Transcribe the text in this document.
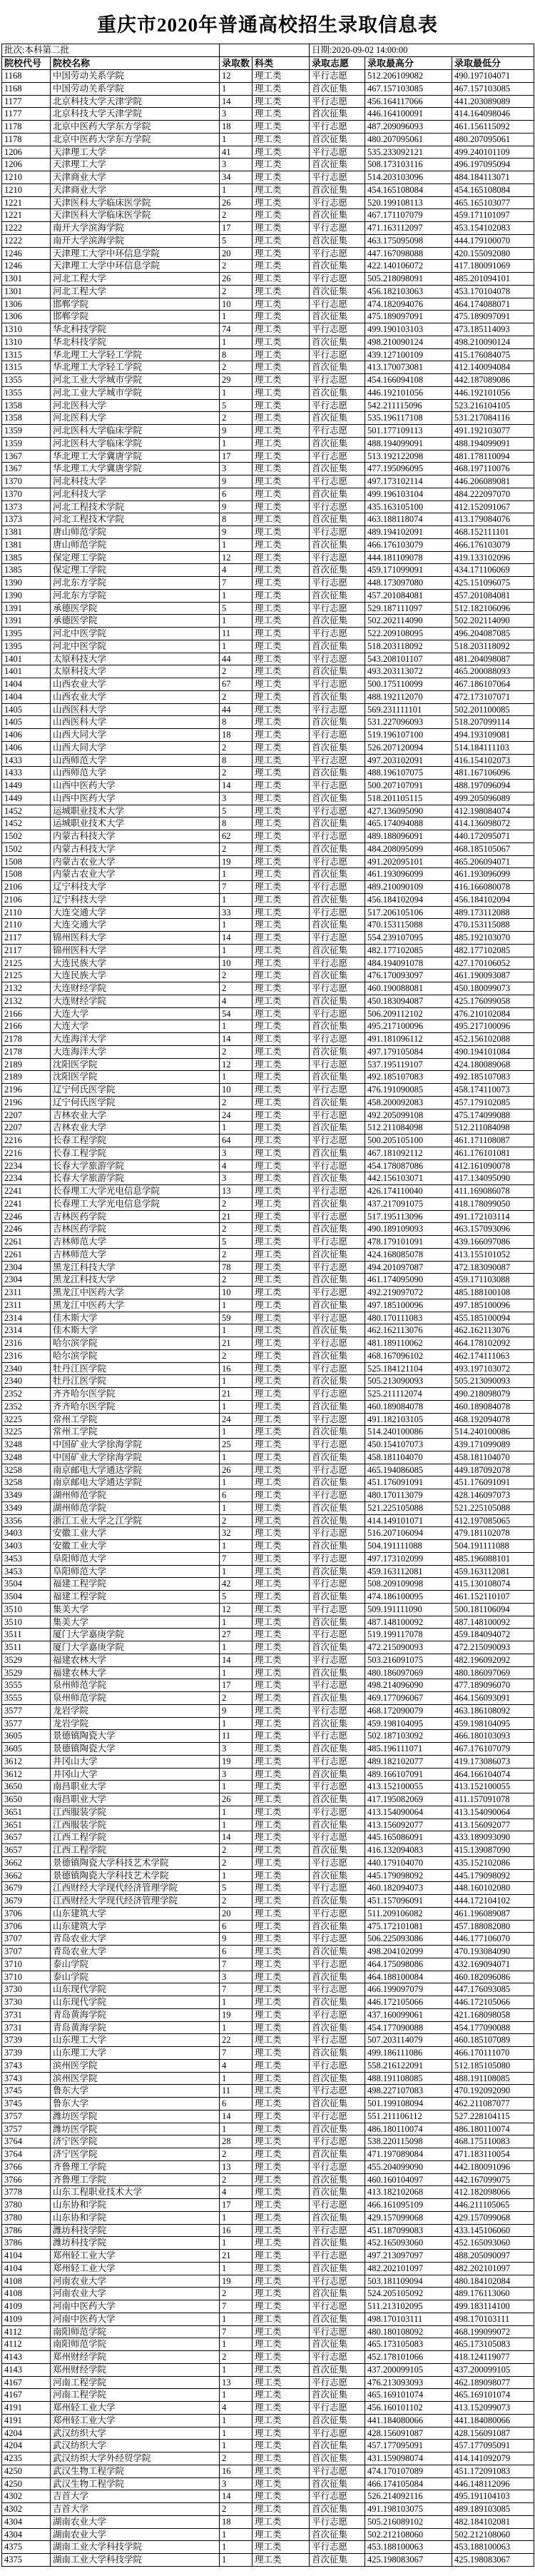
重庆市2020年普通高校招生录取信息表
批次:本科第二批				日期:2020-09-02 14:00:00		
院校代号	院校名称	录取数	科类	录取志愿	录取最高分	录取最低分
1168	中国劳动关系学院	12	理工类	平行志愿	512.206109082	490.197104071
1168	中国劳动关系学院	1	理工类	首次征集	467.157103085	467.157103085
1177	北京科技大学天津学院	14	理工类	平行志愿	456.164117066	441.203089089
1177	北京科技大学天津学院	3	理工类	首次征集	446.164100091	414.164098046
1178	北京中医药大学东方学院	18	理工类	平行志愿	487.209096093	461.156115092
1178	北京中医药大学东方学院	1	理工类	首次征集	480.207095061	480.207095061
1206	天津理工大学	41	理工类	平行志愿	535.233092121	499.240101109
1206	天津理工大学	3	理工类	首次征集	508.173103116	496.197095094
1210	天津商业大学	34	理工类	平行志愿	514.203103096	484.184113071
1210	天津商业大学	1	理工类	首次征集	454.165108084	454.165108084
1221	天津医科大学临床医学院	26	理工类	平行志愿	520.199108113	465.165103077
1221	天津医科大学临床医学院	2	理工类	首次征集	467.171107079	459.171101097
1222	南开大学滨海学院	17	理工类	平行志愿	471.163112097	453.154102083
1222	南开大学滨海学院	5	理工类	首次征集	463.175095098	444.179100070
1246	天津理工大学中环信息学院	20	理工类	平行志愿	447.167098088	420.155092080
1246	天津理工大学中环信息学院	2	理工类	首次征集	422.140106072	417.180091069
1301	河北工程大学	26	理工类	平行志愿	505.218098091	485.201094101
1301	河北工程大学	2	理工类	首次征集	456.182103063	453.170104078
1306	邯郸学院	10	理工类	平行志愿	474.182094076	464.174088071
1306	邯郸学院	1	理工类	首次征集	475.189097091	475.189097091
1310	华北科技学院	74	理工类	平行志愿	499.190103103	473.185114093
1310	华北科技学院	1	理工类	首次征集	498.210090124	498.210090124
1315	华北理工大学轻工学院	8	理工类	平行志愿	439.127100109	415.176084075
1315	华北理工大学轻工学院	2	理工类	首次征集	413.170073081	412.140094084
1355	河北工业大学城市学院	29	理工类	平行志愿	454.166094108	442.187089086
1355	河北工业大学城市学院	1	理工类	首次征集	446.192101056	446.192101056
1358	河北医科大学	5	理工类	平行志愿	542.211115096	523.216104105
1358	河北医科大学	2	理工类	首次征集	535.196117108	531.217084116
1359	河北医科大学临床学院	9	理工类	平行志愿	501.177109113	491.192103077
1359	河北医科大学临床学院	1	理工类	首次征集	488.194099091	488.194099091
1367	华北理工大学冀唐学院	17	理工类	平行志愿	513.192122098	481.178110094
1367	华北理工大学冀唐学院	3	理工类	首次征集	477.195096095	468.197110076
1370	河北科技大学	9	理工类	平行志愿	497.173102114	446.206089081
1370	河北科技大学	6	理工类	首次征集	499.196103104	484.222097070
1373	河北工程技术学院	9	理工类	平行志愿	435.163105100	412.152091067
1373	河北工程技术学院	8	理工类	首次征集	463.188118074	413.179084076
1381	唐山师范学院	9	理工类	平行志愿	489.194102091	468.152111101
1381	唐山师范学院	1	理工类	首次征集	466.176103079	466.176103079
1385	保定理工学院	12	理工类	平行志愿	444.181109078	419.133102096
1385	保定理工学院	4	理工类	首次征集	459.171099091	434.171106069
1390	河北东方学院	7	理工类	平行志愿	448.173097080	425.151096075
1390	河北东方学院	1	理工类	首次征集	457.201084081	457.201084081
1391	承德医学院	5	理工类	平行志愿	529.187111097	512.182106096
1391	承德医学院	1	理工类	首次征集	502.202114090	502.202114090
1395	河北中医学院	11	理工类	平行志愿	522.209108095	496.204087085
1395	河北中医学院	1	理工类	首次征集	518.203118092	518.203118092
1401	太原科技大学	44	理工类	平行志愿	543.208101107	481.204098087
1401	太原科技大学	2	理工类	首次征集	493.203113072	465.200088093
1404	山西农业大学	67	理工类	平行志愿	500.175110099	467.186107064
1404	山西农业大学	2	理工类	首次征集	488.192112070	472.173107071
1405	山西医科大学	44	理工类	平行志愿	569.231111101	502.201100085
1405	山西医科大学	8	理工类	首次征集	531.227096093	518.207099114
1406	山西大同大学	18	理工类	平行志愿	519.196107100	494.193109081
1406	山西大同大学	2	理工类	首次征集	526.207120094	514.184111103
1433	山西师范大学	8	理工类	平行志愿	497.203102091	416.154102073
1433	山西师范大学	2	理工类	首次征集	488.196107075	481.167106096
1449	山西中医药大学	14	理工类	平行志愿	500.207107091	488.197096094
1449	山西中医药大学	3	理工类	首次征集	518.201105115	499.205096089
1452	运城职业技术大学	5	理工类	平行志愿	427.136095090	412.198084074
1452	运城职业技术大学	8	理工类	首次征集	465.174094088	414.136098072
1502	内蒙古科技大学	62	理工类	平行志愿	489.188096091	440.172095071
1502	内蒙古科技大学	2	理工类	首次征集	484.208095099	468.185105067
1508	内蒙古农业大学	19	理工类	平行志愿	491.202095101	465.206094071
1508	内蒙古农业大学	1	理工类	首次征集	461.193096099	461.193096099
2106	辽宁科技大学	7	理工类	平行志愿	489.210090109	416.166080078
2106	辽宁科技大学	1	理工类	首次征集	456.184102094	456.184102094
2110	大连交通大学	33	理工类	平行志愿	517.206105106	489.173112088
2110	大连交通大学	1	理工类	首次征集	470.153115088	470.153115088
2117	锦州医科大学	14	理工类	平行志愿	554.239107095	485.192103070
2117	锦州医科大学	1	理工类	首次征集	482.177102085	482.177102085
2125	大连民族大学	10	理工类	平行志愿	484.194091078	427.170106052
2125	大连民族大学	2	理工类	首次征集	476.170093097	461.190093087
2132	大连财经学院	2	理工类	平行志愿	460.190088081	450.180099073
2132	大连财经学院	4	理工类	首次征集	450.183094087	425.176099058
2166	大连大学	54	理工类	平行志愿	506.209112102	476.210102084
2166	大连大学	1	理工类	首次征集	495.217100096	495.217100096
2178	大连海洋大学	14	理工类	平行志愿	491.181096112	452.156102088
2178	大连海洋大学	2	理工类	首次征集	497.179105084	490.194101084
2189	沈阳医学院	12	理工类	平行志愿	537.195119107	424.180089068
2189	沈阳医学院	1	理工类	首次征集	492.185107083	492.185107083
2196	辽宁何氏医学院	10	理工类	平行志愿	476.191090085	458.174110073
2196	辽宁何氏医学院	2	理工类	首次征集	458.200092083	457.179102085
2207	吉林农业大学	24	理工类	平行志愿	492.205099108	475.174099088
2207	吉林农业大学	1	理工类	首次征集	512.211084098	512.211084098
2216	长春工程学院	64	理工类	平行志愿	500.205105100	461.171108087
2216	长春工程学院	3	理工类	首次征集	467.181092112	461.176101081
2234	长春大学旅游学院	4	理工类	平行志愿	454.178087086	412.161090078
2234	长春大学旅游学院	3	理工类	首次征集	442.156103071	417.134095090
2241	长春理工大学光电信息学院	13	理工类	平行志愿	426.174110040	411.169086078
2241	长春理工大学光电信息学院	2	理工类	首次征集	437.217091075	418.178099050
2246	吉林医药学院	21	理工类	平行志愿	517.195113096	491.172103114
2246	吉林医药学院	2	理工类	首次征集	490.189109093	463.157093096
2261	吉林师范大学	5	理工类	平行志愿	478.179101091	439.166097086
2261	吉林师范大学	2	理工类	首次征集	424.168085078	413.155101052
2304	黑龙江科技大学	78	理工类	平行志愿	494.201097087	472.183090087
2304	黑龙江科技大学	2	理工类	首次征集	461.174095090	459.171103088
2311	黑龙江中医药大学	10	理工类	平行志愿	492.219097072	485.188100108
2311	黑龙江中医药大学	1	理工类	首次征集	497.185100096	497.185100096
2314	佳木斯大学	59	理工类	平行志愿	480.170111083	455.185100094
2314	佳木斯大学	1	理工类	首次征集	462.162113076	462.162113076
2316	哈尔滨学院	21	理工类	平行志愿	481.189110062	464.178102092
2316	哈尔滨学院	2	理工类	首次征集	468.167096102	462.174111063
2340	牡丹江医学院	16	理工类	平行志愿	525.184121104	493.197103072
2340	牡丹江医学院	1	理工类	首次征集	505.213090093	505.213090093
2352	齐齐哈尔医学院	21	理工类	平行志愿	525.211112074	490.218098079
2352	齐齐哈尔医学院	1	理工类	首次征集	460.189084078	460.189084078
3225	常州工学院	24	理工类	平行志愿	491.182103105	468.192094078
3225	常州工学院	1	理工类	首次征集	514.240100086	514.240100086
3248	中国矿业大学徐海学院	25	理工类	平行志愿	450.154107073	439.171099089
3248	中国矿业大学徐海学院	1	理工类	首次征集	458.181104070	458.181104070
3258	南京邮电大学通达学院	26	理工类	平行志愿	465.194086085	449.187092078
3258	南京邮电大学通达学院	1	理工类	首次征集	451.176091091	451.176091091
3349	湖州师范学院	6	理工类	平行志愿	480.170113079	428.146097073
3349	湖州师范学院	1	理工类	首次征集	521.225105088	521.225105088
3356	浙江工业大学之江学院	2	理工类	首次征集	414.149101071	412.197085065
3403	安徽工业大学	32	理工类	平行志愿	516.207106094	479.181102078
3403	安徽工业大学	1	理工类	首次征集	504.191111088	504.191111088
3453	阜阳师范大学	7	理工类	平行志愿	497.173102099	485.196088101
3453	阜阳师范大学	1	理工类	首次征集	459.163112081	459.163112081
3504	福建工程学院	42	理工类	平行志愿	508.209109098	415.130108074
3504	福建工程学院	5	理工类	首次征集	474.186100095	461.152110107
3510	集美大学	12	理工类	平行志愿	509.191111090	500.181106094
3510	集美大学	1	理工类	首次征集	487.148100092	487.148100092
3511	厦门大学嘉庚学院	27	理工类	平行志愿	519.199117078	459.184094072
3511	厦门大学嘉庚学院	1	理工类	首次征集	472.215090093	472.215090093
3529	福建农林大学	14	理工类	平行志愿	503.216091075	482.196092092
3529	福建农林大学	1	理工类	首次征集	480.186097069	480.186097069
3555	泉州师范学院	17	理工类	平行志愿	498.214096090	477.189096070
3555	泉州师范学院	2	理工类	首次征集	469.177096067	464.156093091
3577	龙岩学院	9	理工类	平行志愿	468.172090079	463.186108092
3577	龙岩学院	1	理工类	首次征集	459.198104095	459.198104095
3605	景德镇陶瓷大学	11	理工类	平行志愿	502.187103092	466.180103093
3605	景德镇陶瓷大学	3	理工类	首次征集	485.196111071	467.176107079
3612	井冈山大学	19	理工类	平行志愿	489.182102077	419.173086073
3612	井冈山大学	3	理工类	首次征集	489.166107091	464.166104074
3650	南昌职业大学	1	理工类	平行志愿	413.152100055	413.152100055
3650	南昌职业大学	26	理工类	首次征集	417.195082069	411.157091078
3651	江西服装学院	1	理工类	平行志愿	413.154090064	413.154090064
3651	江西服装学院	1	理工类	首次征集	413.156092077	413.156092077
3657	江西工程学院	14	理工类	平行志愿	445.165086091	433.189093090
3657	江西工程学院	2	理工类	首次征集	416.132094083	415.139087090
3662	景德镇陶瓷大学科技艺术学院	2	理工类	平行志愿	440.179104070	435.152102086
3662	景德镇陶瓷大学科技艺术学院	1	理工类	首次征集	445.179098092	445.179098092
3679	江西财经大学现代经济管理学院	5	理工类	平行志愿	460.182094073	448.160102080
3679	江西财经大学现代经济管理学院	2	理工类	首次征集	451.157096091	444.172104102
3706	山东建筑大学	20	理工类	平行志愿	511.209106082	461.196089087
3706	山东建筑大学	6	理工类	首次征集	475.172101081	457.188082080
3707	青岛农业大学	9	理工类	平行志愿	506.225093086	446.177106070
3707	青岛农业大学	6	理工类	首次征集	498.204102099	470.193084090
3710	泰山学院	7	理工类	平行志愿	464.175098086	432.169094071
3710	泰山学院	3	理工类	首次征集	464.188100084	460.182096086
3730	山东现代学院	7	理工类	平行志愿	466.199097079	447.176093085
3730	山东现代学院	1	理工类	首次征集	446.172105066	446.172105066
3731	青岛黄海学院	19	理工类	平行志愿	437.160099061	421.168098058
3731	青岛黄海学院	1	理工类	首次征集	454.177090088	454.177090088
3739	山东理工大学	22	理工类	平行志愿	507.203114079	460.185107089
3739	山东理工大学	7	理工类	首次征集	499.186111086	466.170111070
3743	滨州医学院	4	理工类	平行志愿	558.216122091	512.185105080
3743	滨州医学院	1	理工类	首次征集	488.191108085	488.191108085
3745	鲁东大学	11	理工类	平行志愿	498.227107083	470.192092090
3745	鲁东大学	6	理工类	首次征集	501.199108094	462.211087077
3757	潍坊医学院	14	理工类	平行志愿	551.211106112	527.228104115
3757	潍坊医学院	1	理工类	首次征集	486.180110074	486.180110074
3764	济宁医学院	28	理工类	平行志愿	538.220115098	468.175110083
3764	济宁医学院	2	理工类	首次征集	471.197089084	471.183110054
3766	齐鲁理工学院	13	理工类	平行志愿	455.204099090	442.180091096
3766	齐鲁理工学院	2	理工类	首次征集	460.160104097	442.167099075
3778	山东工程职业技术大学	4	理工类	首次征集	413.182102068	412.182098066
3780	山东协和学院	17	理工类	平行志愿	466.161095109	446.211105065
3780	山东协和学院	1	理工类	首次征集	429.157099068	429.157099068
3786	潍坊科技学院	16	理工类	平行志愿	451.187099083	433.145106060
3786	潍坊科技学院	1	理工类	首次征集	452.165093060	452.165093060
4104	郑州轻工业大学	21	理工类	平行志愿	497.213097097	488.205090097
4104	郑州轻工业大学	1	理工类	首次征集	482.202101097	482.202101097
4108	河南农业大学	19	理工类	平行志愿	503.181109094	480.184102084
4108	河南农业大学	2	理工类	首次征集	524.205105092	489.176113060
4109	河南中医药大学	7	理工类	平行志愿	511.213102095	499.183114100
4109	河南中医药大学	1	理工类	首次征集	498.170103111	498.170103111
4112	南阳师范学院	7	理工类	平行志愿	480.180108092	468.199099072
4112	南阳师范学院	1	理工类	首次征集	465.173105083	465.173105083
4143	郑州财经学院	2	理工类	平行志愿	452.178101066	418.124119077
4143	郑州财经学院	1	理工类	首次征集	437.200099105	437.200099105
4167	河南工程学院	13	理工类	平行志愿	476.213093093	462.189098077
4167	河南工程学院	1	理工类	首次征集	465.169101074	465.169101074
4191	郑州轻工业大学	4	理工类	平行志愿	456.160101102	413.152099073
4191	郑州轻工业大学	1	理工类	首次征集	441.184080066	441.184080066
4204	武汉纺织大学	1	理工类	平行志愿	428.156091087	428.156091087
4204	武汉纺织大学	1	理工类	首次征集	457.177095091	457.177095091
4235	武汉纺织大学外经贸学院	2	理工类	首次征集	431.159098074	414.141092079
4250	武汉生物工程学院	16	理工类	平行志愿	474.170107089	451.172091083
4250	武汉生物工程学院	3	理工类	首次征集	466.174105084	446.148112096
4302	吉首大学	14	理工类	平行志愿	526.214092116	495.191104103
4302	吉首大学	2	理工类	首次征集	491.198103075	489.189103085
4304	湖南农业大学	18	理工类	平行志愿	505.216089102	482.184102081
4304	湖南农业大学	1	理工类	首次征集	502.212108060	502.212108060
4375	湖南工业大学科技学院	1	理工类	平行志愿	453.188100063	453.188100063
4375	湖南工业大学科技学院	1	理工类	首次征集	425.198083067	425.198083067
